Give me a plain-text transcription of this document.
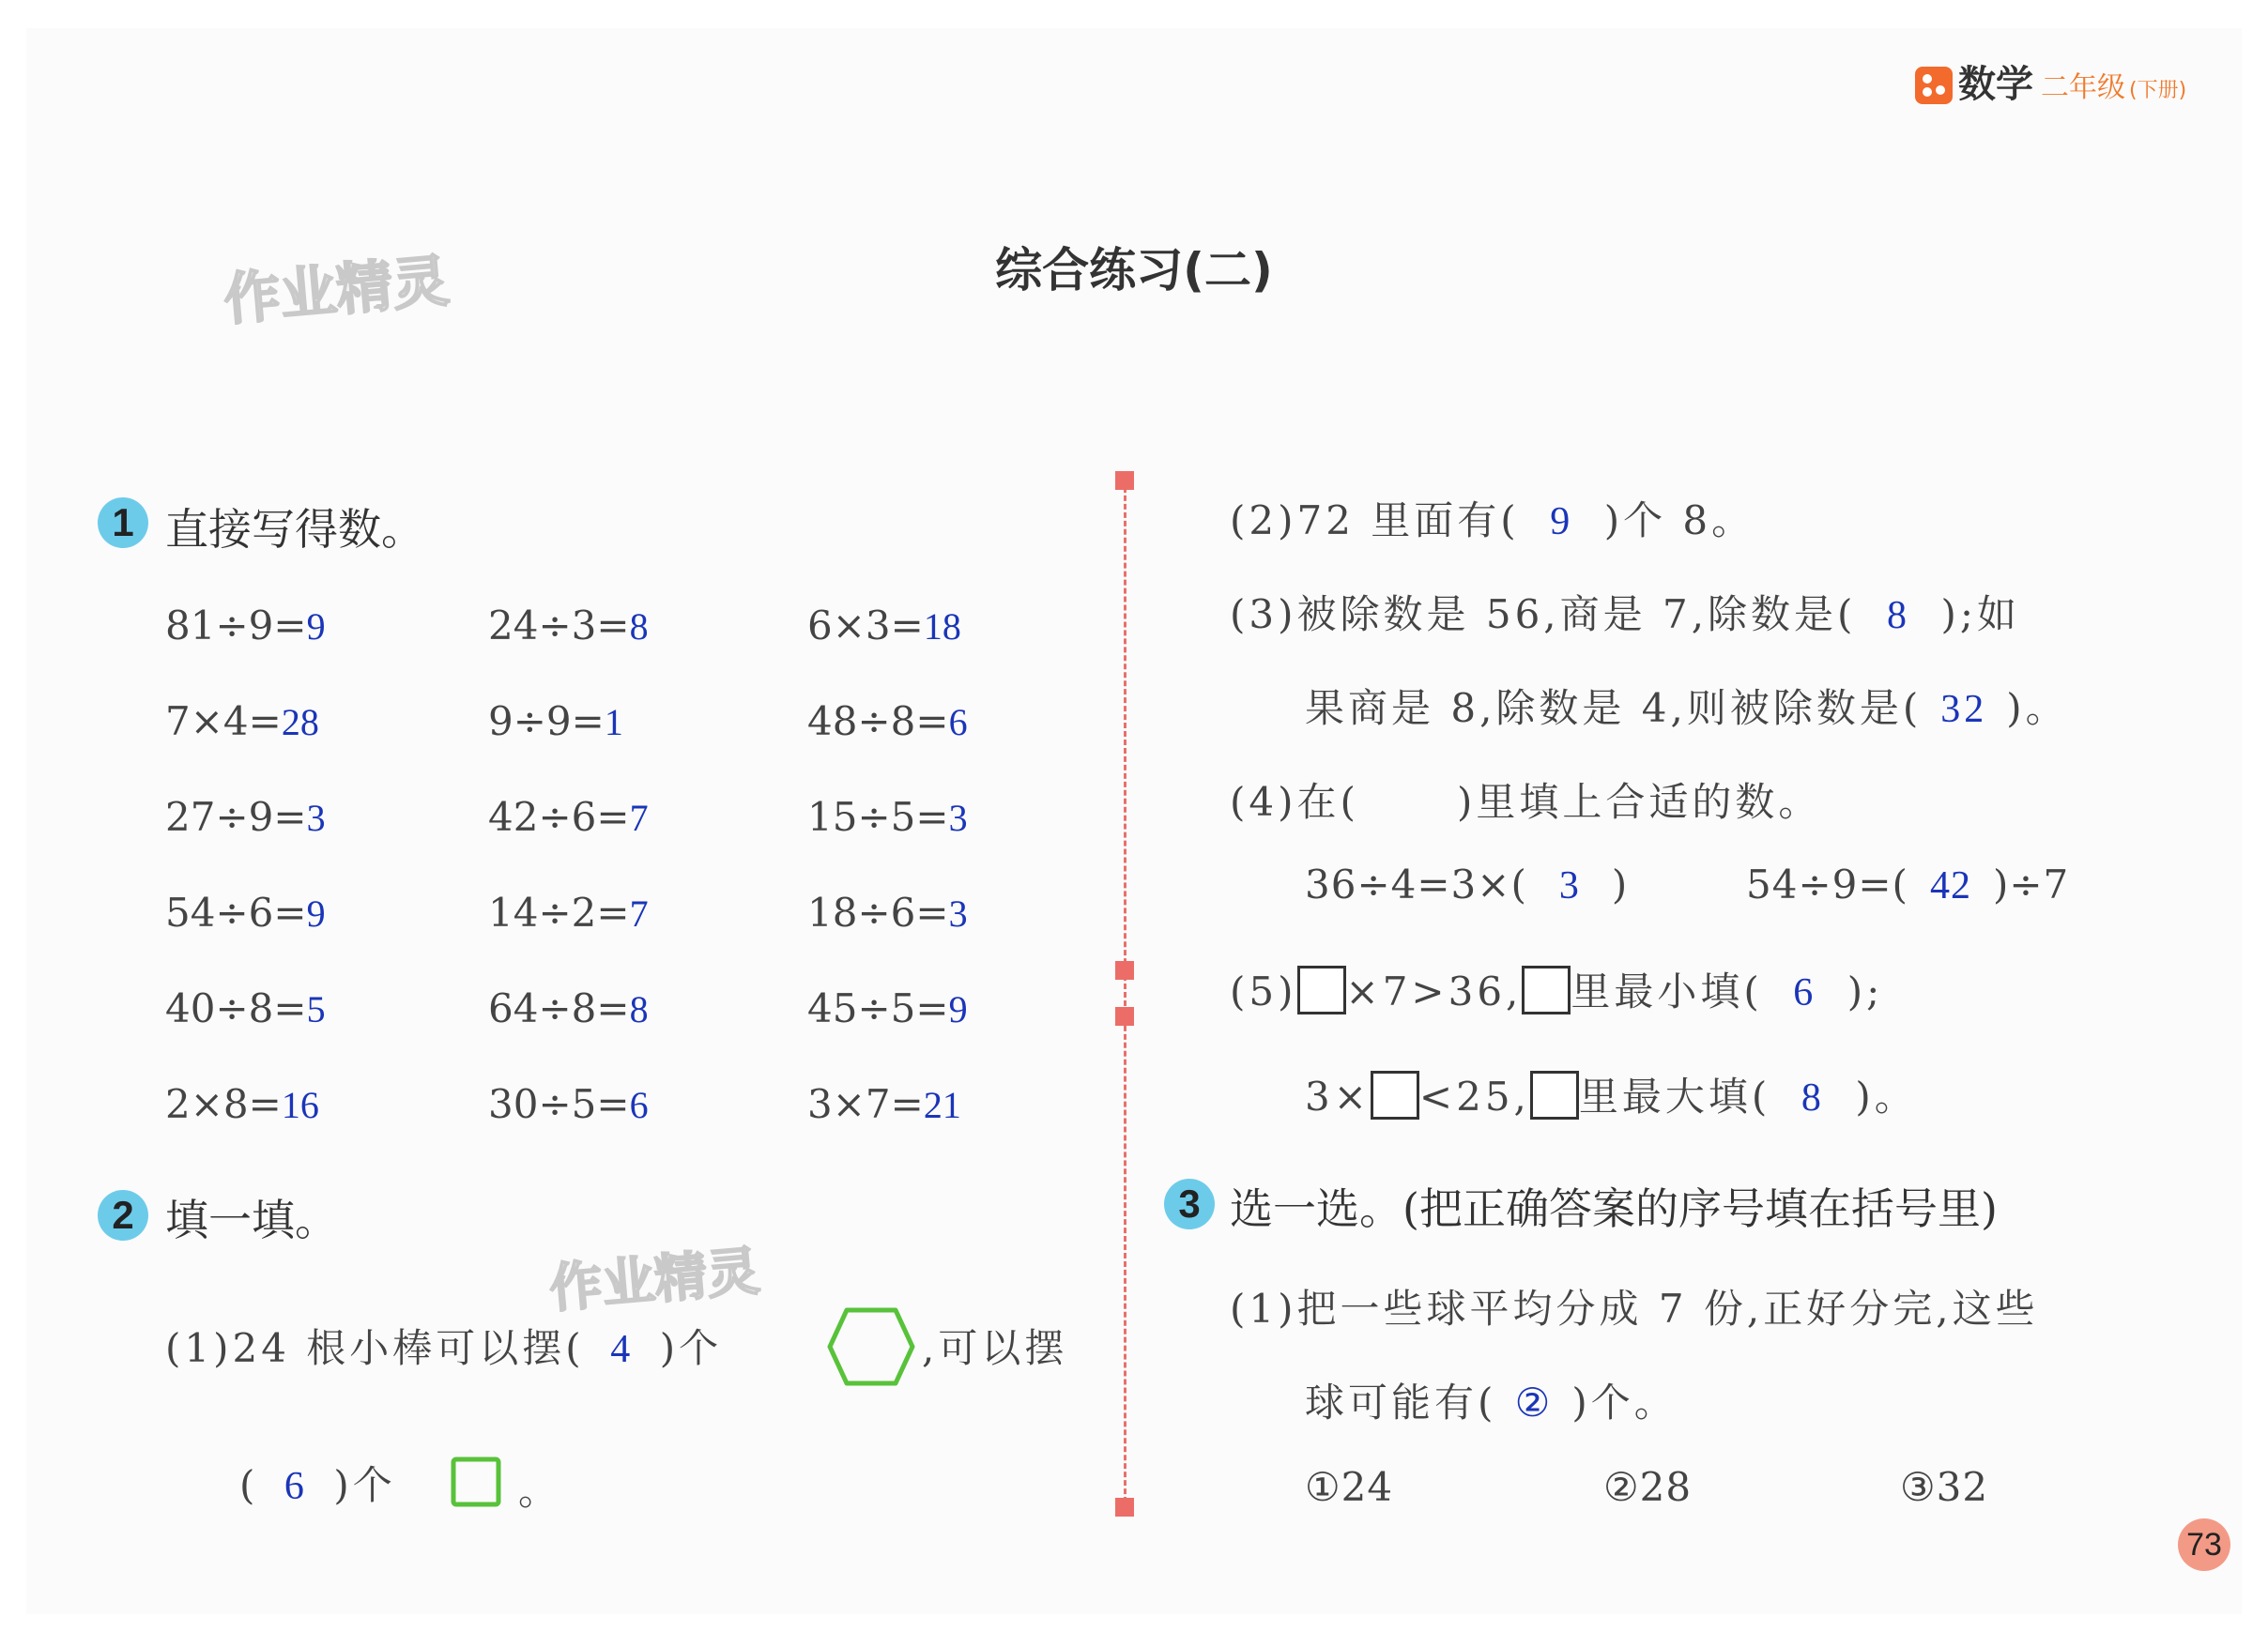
数学 二年级 (下册)
作业精灵
作业精灵
综合练习(二)
1 直接写得数。
81÷9=9	24÷3=8	6×3=18
7×4=28	9÷9=1	48÷8=6
27÷9=3	42÷6=7	15÷5=3
54÷6=9	14÷2=7	18÷6=3
40÷8=5	64÷8=8	45÷5=9
2×8=16	30÷5=6	3×7=21
2 填一填。
(1)24 根小棒可以摆( 4 )个	,可以摆
( 6 )个	。
(2)72 里面有( 9 )个 8。
(3)被除数是 56,商是 7,除数是( 8 );如
果商是 8,除数是 4,则被除数是( 32 )。
(4)在(      )里填上合适的数。
36÷4=3×( 3 )	54÷9=( 42 )÷7
(5) ×7>36, 里最小填( 6 );
3× <25, 里最大填( 8 )。
3 选一选。(把正确答案的序号填在括号里)
(1)把一些球平均分成 7 份,正好分完,这些
球可能有( ② )个。
①24	②28	③32
73
